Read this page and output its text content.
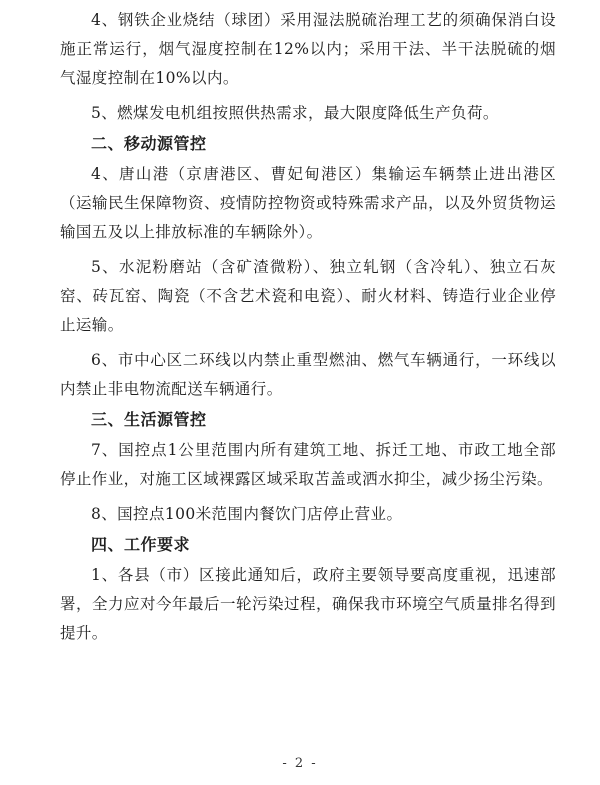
4、钢铁企业烧结（球团）采用湿法脱硫治理工艺的须确保消白设施正常运行，烟气湿度控制在12%以内；采用干法、半干法脱硫的烟气湿度控制在10%以内。

5、燃煤发电机组按照供热需求，最大限度降低生产负荷。

二、移动源管控

4、唐山港（京唐港区、曹妃甸港区）集输运车辆禁止进出港区（运输民生保障物资、疫情防控物资或特殊需求产品，以及外贸货物运输国五及以上排放标准的车辆除外）。

5、水泥粉磨站（含矿渣微粉）、独立轧钢（含冷轧）、独立石灰窑、砖瓦窑、陶瓷（不含艺术瓷和电瓷）、耐火材料、铸造行业企业停止运输。

6、市中心区二环线以内禁止重型燃油、燃气车辆通行，一环线以内禁止非电物流配送车辆通行。

三、生活源管控

7、国控点1公里范围内所有建筑工地、拆迁工地、市政工地全部停止作业，对施工区域裸露区域采取苫盖或洒水抑尘，减少扬尘污染。

8、国控点100米范围内餐饮门店停止营业。

四、工作要求

1、各县（市）区接此通知后，政府主要领导要高度重视，迅速部署，全力应对今年最后一轮污染过程，确保我市环境空气质量排名得到提升。

- 2 -
